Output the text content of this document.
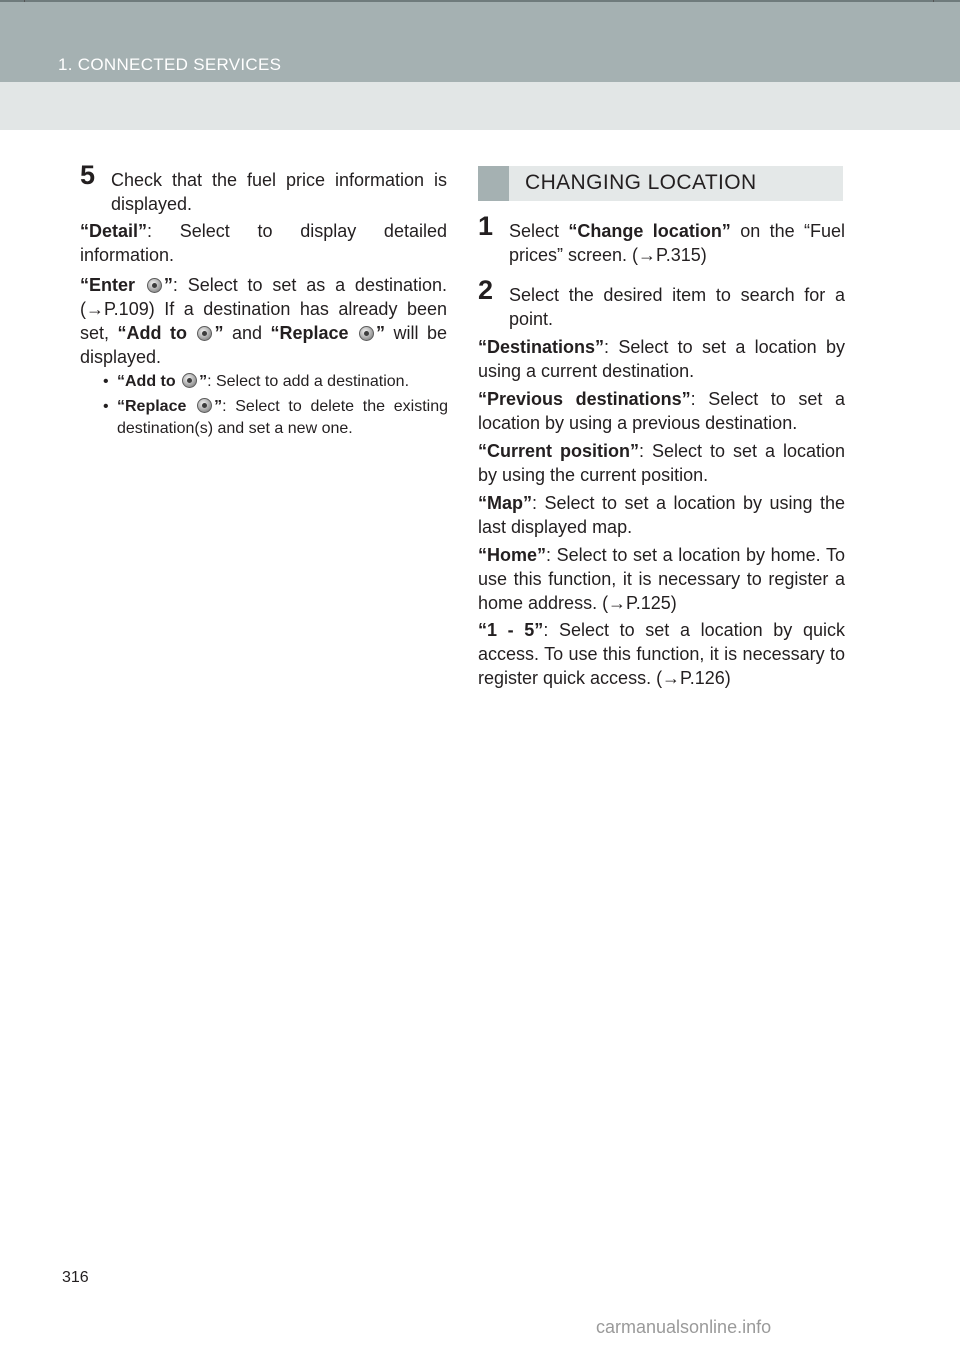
1. CONNECTED SERVICES
5 Check that the fuel price information is displayed.

“Detail”: Select to display detailed information.

“Enter ”: Select to set as a destination. (→P.109) If a destination has already been set, “Add to ” and “Replace ” will be displayed.

• “Add to ”: Select to add a destination.
• “Replace ”: Select to delete the existing destination(s) and set a new one.
CHANGING LOCATION
1 Select “Change location” on the “Fuel prices” screen. (→P.315)
2 Select the desired item to search for a point.

“Destinations”: Select to set a location by using a current destination.

“Previous destinations”: Select to set a location by using a previous destination.

“Current position”: Select to set a location by using the current position.

“Map”: Select to set a location by using the last displayed map.

“Home”: Select to set a location by home. To use this function, it is necessary to register a home address. (→P.125)

“1 - 5”: Select to set a location by quick access. To use this function, it is necessary to register quick access. (→P.126)

316
carmanualsonline.info
